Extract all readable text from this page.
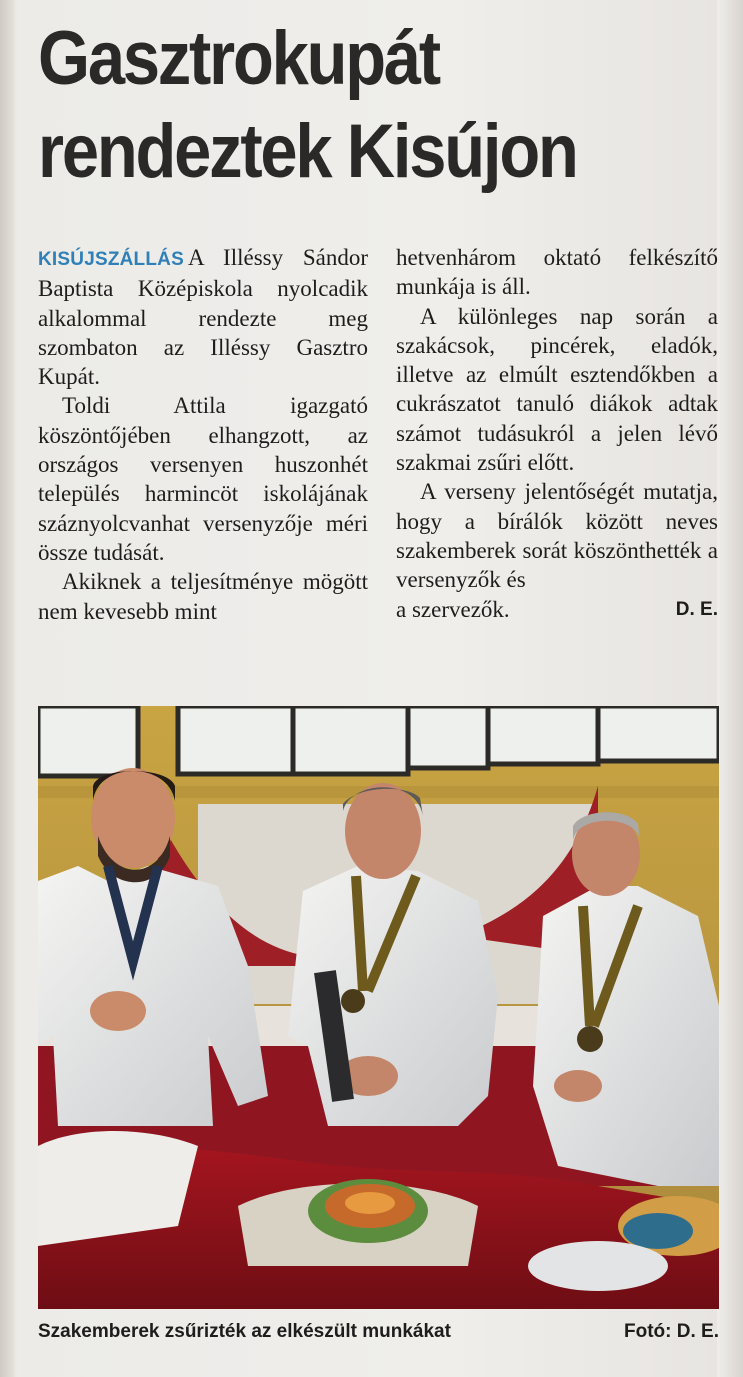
Gasztrokupát rendeztek Kisújon

KISÚJSZÁLLÁS A Illéssy Sándor Baptista Középiskola nyolcadik alkalommal rendezte meg szombaton az Illéssy Gasztro Kupát.

Toldi Attila igazgató köszöntőjében elhangzott, az országos versenyen huszonhét település harmincöt iskolájának száznyolcvanhat versenyzője méri össze tudását.

Akiknek a teljesítménye mögött nem kevesebb mint

hetvenhárom oktató felkészítő munkája is áll.

A különleges nap során a szakácsok, pincérek, eladók, illetve az elmúlt esztendőkben a cukrászatot tanuló diákok adtak számot tudásukról a jelen lévő szakmai zsűri előtt.

A verseny jelentőségét mutatja, hogy a bírálók között neves szakemberek sorát köszönthették a versenyzők és

a szervezők.	D. E.
Szakemberek zsűrizték az elkészült munkákat	Fotó: D. E.
